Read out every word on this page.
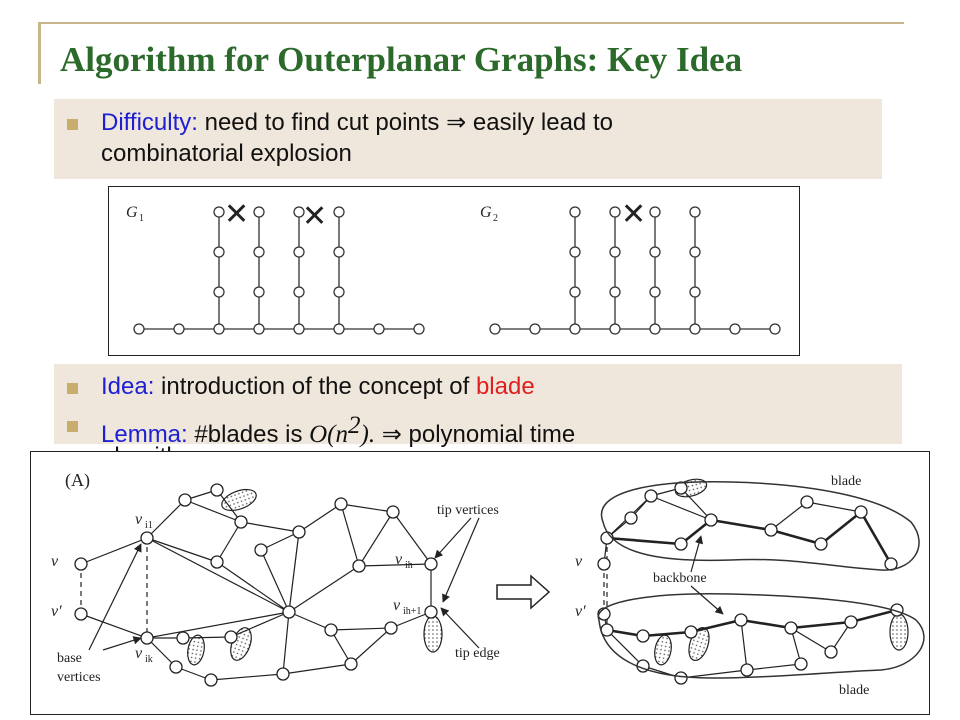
Algorithm for Outerplanar Graphs: Key Idea
Difficulty: need to find cut points ⇒ easily lead to
combinatorial explosion
G 1	G 2
✕ ✕	✕
Idea: introduction of the concept of blade
Lemma: #blades is $O(n^2)$. ⇒ polynomial time
(A)
v
v′
v i1
v ik
v ih
v ih+1
v
v′
tip vertices
base
vertices
tip edge
backbone
blade
blade
